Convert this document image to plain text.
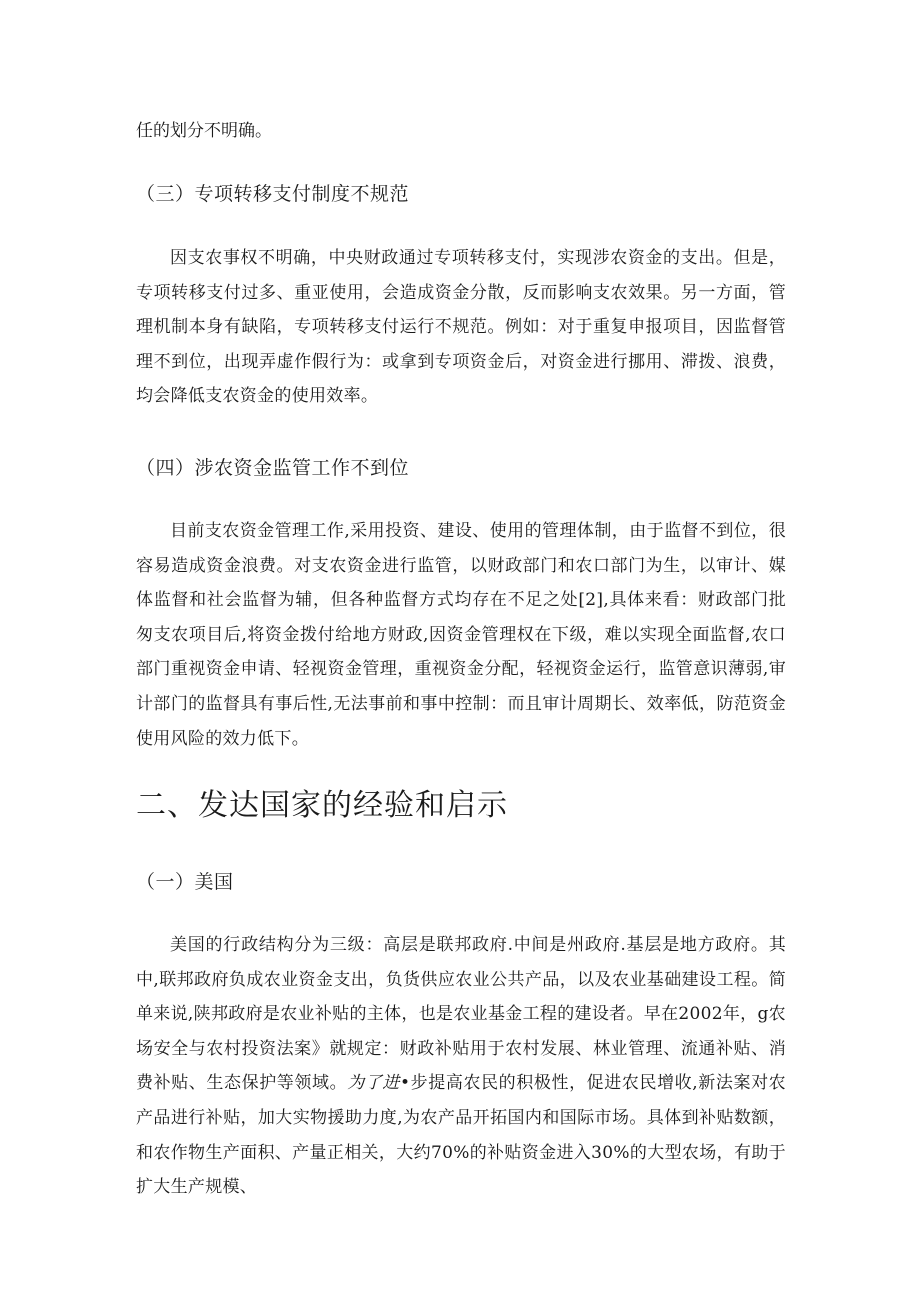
任的划分不明确。
（三）专项转移支付制度不规范
因支农事权不明确，中央财政通过专项转移支付，实现涉农资金的支出。但是，专项转移支付过多、重亚使用，会造成资金分散，反而影响支农效果。另一方面，管理机制本身有缺陷，专项转移支付运行不规范。例如：对于重复申报项目，因监督管理不到位，出现弄虚作假行为：或拿到专项资金后，对资金进行挪用、滞拨、浪费，均会降低支农资金的使用效率。
（四）涉农资金监管工作不到位
目前支农资金管理工作,采用投资、建设、使用的管理体制，由于监督不到位，很容易造成资金浪费。对支农资金进行监管，以财政部门和农口部门为生，以审计、媒体监督和社会监督为辅，但各种监督方式均存在不足之处[2],具体来看：财政部门批匆支农项目后,将资金拨付给地方财政,因资金管理权在下级，难以实现全面监督,农口部门重视资金申请、轻视资金管理，重视资金分配，轻视资金运行，监管意识薄弱,审计部门的监督具有事后性,无法事前和事中控制：而且审计周期长、效率低，防范资金使用风险的效力低下。
二、发达国家的经验和启示
（一）美国
美国的行政结构分为三级：高层是联邦政府.中间是州政府.基层是地方政府。其中,联邦政府负成农业资金支出，负货供应农业公共产品，以及农业基础建设工程。简单来说,陕邦政府是农业补贴的主体，也是农业基金工程的建设者。早在2002年，g农场安全与农村投资法案》就规定：财政补贴用于农村发展、林业管理、流通补贴、消费补贴、生态保护等领域。为了进•步提高农民的积极性，促进农民增收,新法案对农产品进行补贴，加大实物援助力度,为农产品开拓国内和国际市场。具体到补贴数额，和农作物生产面积、产量正相关，大约70%的补贴资金进入30%的大型农场，有助于扩大生产规模、
